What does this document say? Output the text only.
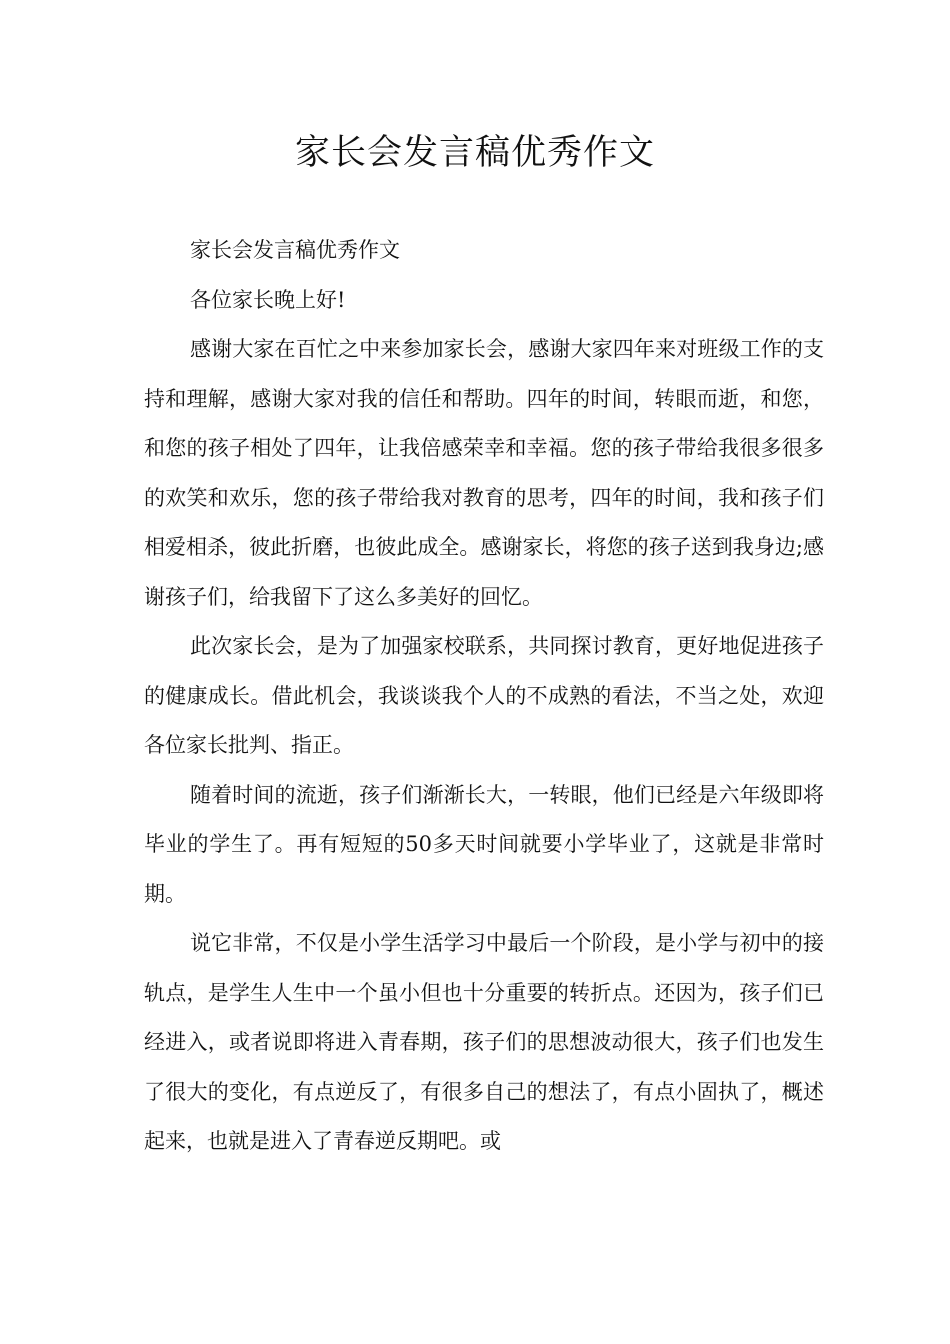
家长会发言稿优秀作文

家长会发言稿优秀作文

各位家长晚上好!

感谢大家在百忙之中来参加家长会，感谢大家四年来对班级工作的支持和理解，感谢大家对我的信任和帮助。四年的时间，转眼而逝，和您，和您的孩子相处了四年，让我倍感荣幸和幸福。您的孩子带给我很多很多的欢笑和欢乐，您的孩子带给我对教育的思考，四年的时间，我和孩子们相爱相杀，彼此折磨，也彼此成全。感谢家长，将您的孩子送到我身边;感谢孩子们，给我留下了这么多美好的回忆。

此次家长会，是为了加强家校联系，共同探讨教育，更好地促进孩子的健康成长。借此机会，我谈谈我个人的不成熟的看法，不当之处，欢迎各位家长批判、指正。

随着时间的流逝，孩子们渐渐长大，一转眼，他们已经是六年级即将毕业的学生了。再有短短的50多天时间就要小学毕业了，这就是非常时期。

说它非常，不仅是小学生活学习中最后一个阶段，是小学与初中的接轨点，是学生人生中一个虽小但也十分重要的转折点。还因为，孩子们已经进入，或者说即将进入青春期，孩子们的思想波动很大，孩子们也发生了很大的变化，有点逆反了，有很多自己的想法了，有点小固执了，概述起来，也就是进入了青春逆反期吧。或
